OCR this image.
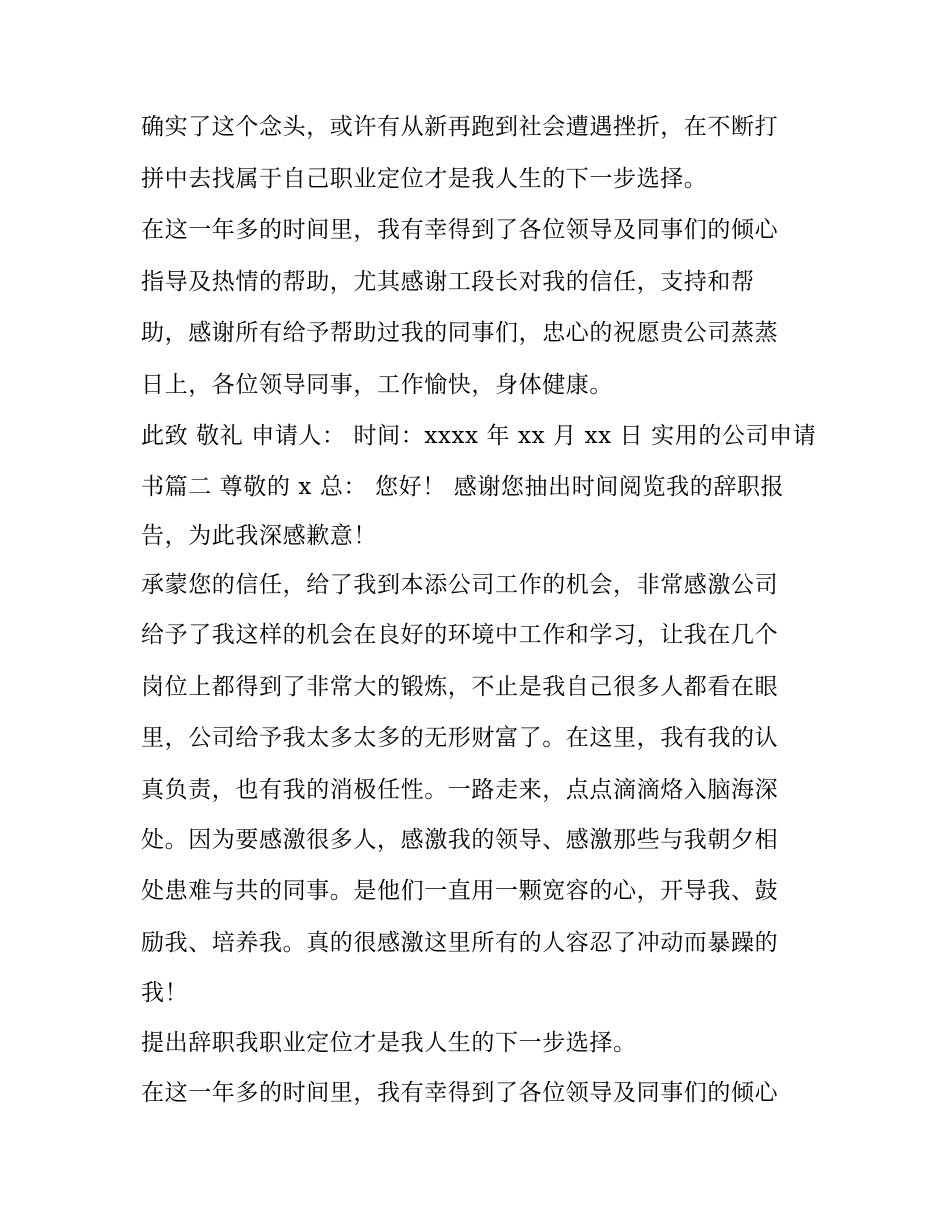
确实了这个念头，或许有从新再跑到社会遭遇挫折，在不断打
拼中去找属于自己职业定位才是我人生的下一步选择。
在这一年多的时间里，我有幸得到了各位领导及同事们的倾心
指导及热情的帮助，尤其感谢工段长对我的信任，支持和帮
助，感谢所有给予帮助过我的同事们，忠心的祝愿贵公司蒸蒸
日上，各位领导同事，工作愉快，身体健康。
此致 敬礼 申请人： 时间：xxxx 年 xx 月 xx 日 实用的公司申请
书篇二 尊敬的 x 总： 您好！ 感谢您抽出时间阅览我的辞职报
告，为此我深感歉意！
承蒙您的信任，给了我到本添公司工作的机会，非常感激公司
给予了我这样的机会在良好的环境中工作和学习，让我在几个
岗位上都得到了非常大的锻炼，不止是我自己很多人都看在眼
里，公司给予我太多太多的无形财富了。在这里，我有我的认
真负责，也有我的消极任性。一路走来，点点滴滴烙入脑海深
处。因为要感激很多人，感激我的领导、感激那些与我朝夕相
处患难与共的同事。是他们一直用一颗宽容的心，开导我、鼓
励我、培养我。真的很感激这里所有的人容忍了冲动而暴躁的
我！
提出辞职我职业定位才是我人生的下一步选择。
在这一年多的时间里，我有幸得到了各位领导及同事们的倾心
